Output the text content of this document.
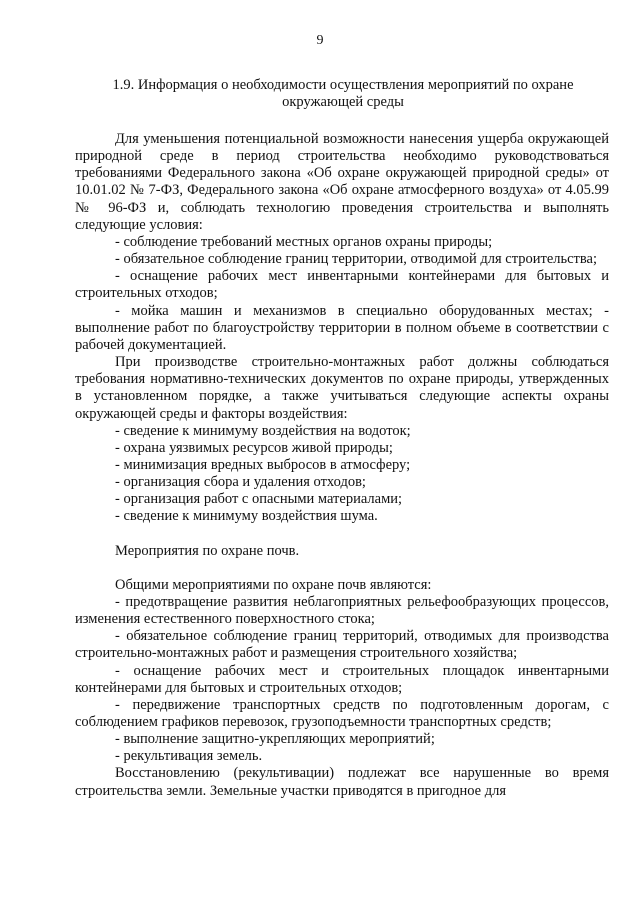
9
1.9. Информация о необходимости осуществления мероприятий по охране окружающей среды

Для уменьшения потенциальной возможности нанесения ущерба окружающей природной среде в период строительства необходимо руководствоваться требованиями Федерального закона «Об охране окружающей природной среды» от 10.01.02 № 7-ФЗ, Федерального закона «Об охране атмосферного воздуха» от 4.05.99 № 96-ФЗ и, соблюдать технологию проведения строительства и выполнять следующие условия:

- соблюдение требований местных органов охраны природы;

- обязательное соблюдение границ территории, отводимой для строительства;

- оснащение рабочих мест инвентарными контейнерами для бытовых и строительных отходов;

- мойка машин и механизмов в специально оборудованных местах; - выполнение работ по благоустройству территории в полном объеме в соответствии с рабочей документацией.

При производстве строительно-монтажных работ должны соблюдаться требования нормативно-технических документов по охране природы, утвержденных в установленном порядке, а также учитываться следующие аспекты охраны окружающей среды и факторы воздействия:

- сведение к минимуму воздействия на водоток;

- охрана уязвимых ресурсов живой природы;

- минимизация вредных выбросов в атмосферу;

- организация сбора и удаления отходов;

- организация работ с опасными материалами;

- сведение к минимуму воздействия шума.

Мероприятия по охране почв.

Общими мероприятиями по охране почв являются:

- предотвращение развития неблагоприятных рельефообразующих процессов, изменения естественного поверхностного стока;

- обязательное соблюдение границ территорий, отводимых для производства строительно-монтажных работ и размещения строительного хозяйства;

- оснащение рабочих мест и строительных площадок инвентарными контейнерами для бытовых и строительных отходов;

- передвижение транспортных средств по подготовленным дорогам, с соблюдением графиков перевозок, грузоподъемности транспортных средств;

- выполнение защитно-укрепляющих мероприятий;

- рекультивация земель.

Восстановлению (рекультивации) подлежат все нарушенные во время строительства земли. Земельные участки приводятся в пригодное для
